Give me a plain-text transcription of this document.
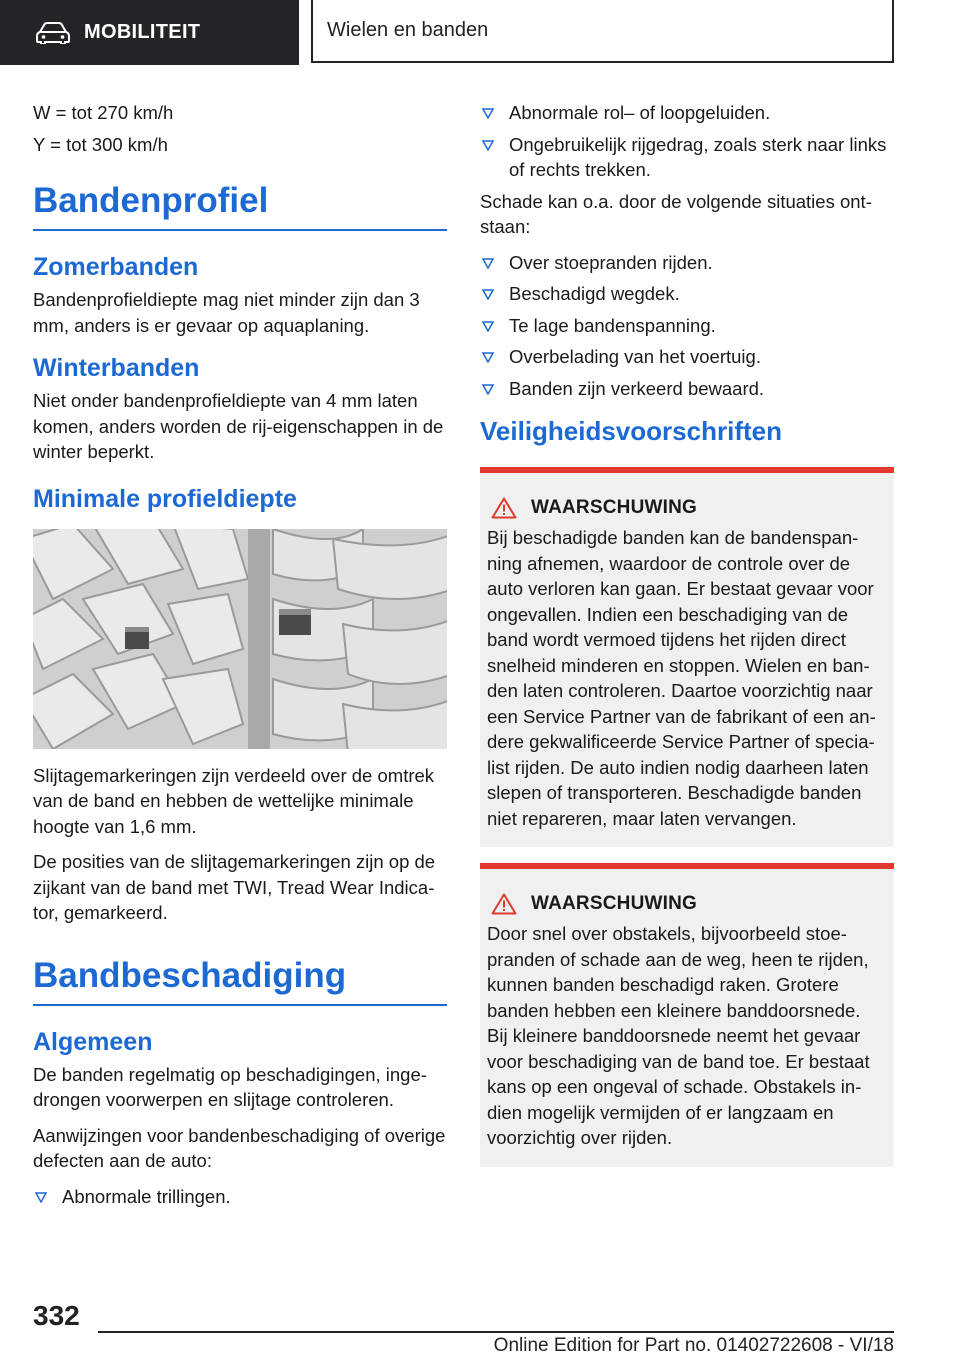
MOBILITEIT	Wielen en banden

W = tot 270 km/h

Y = tot 300 km/h

Bandenprofiel
Zomerbanden

Bandenprofieldiepte mag niet minder zijn dan 3 mm, anders is er gevaar op aquaplaning.

Winterbanden

Niet onder bandenprofieldiepte van 4 mm laten komen, anders worden de rij-eigenschappen in de winter beperkt.

Minimale profieldiepte

Slijtagemarkeringen zijn verdeeld over de omtrek van de band en hebben de wettelijke minimale hoogte van 1,6 mm.

De posities van de slijtagemarkeringen zijn op de zijkant van de band met TWI, Tread Wear Indicator, gemarkeerd.

Bandbeschadiging
Algemeen

De banden regelmatig op beschadigingen, ingedrongen voorwerpen en slijtage controleren.

Aanwijzingen voor bandenbeschadiging of overige defecten aan de auto:

Abnormale trillingen.
Abnormale rol– of loopgeluiden.
Ongebruikelijk rijgedrag, zoals sterk naar links of rechts trekken.

Schade kan o.a. door de volgende situaties ontstaan:

Over stoepranden rijden.
Beschadigd wegdek.
Te lage bandenspanning.
Overbelading van het voertuig.
Banden zijn verkeerd bewaard.
Veiligheidsvoorschriften
WAARSCHUWING

Bij beschadigde banden kan de bandenspanning afnemen, waardoor de controle over de auto verloren kan gaan. Er bestaat gevaar voor ongevallen. Indien een beschadiging van de band wordt vermoed tijdens het rijden direct snelheid minderen en stoppen. Wielen en banden laten controleren. Daartoe voorzichtig naar een Service Partner van de fabrikant of een andere gekwalificeerde Service Partner of specialist rijden. De auto indien nodig daarheen laten slepen of transporteren. Beschadigde banden niet repareren, maar laten vervangen.

WAARSCHUWING

Door snel over obstakels, bijvoorbeeld stoepranden of schade aan de weg, heen te rijden, kunnen banden beschadigd raken. Grotere banden hebben een kleinere banddoorsnede. Bij kleinere banddoorsnede neemt het gevaar voor beschadiging van de band toe. Er bestaat kans op een ongeval of schade. Obstakels indien mogelijk vermijden of er langzaam en voorzichtig over rijden.

332
Online Edition for Part no. 01402722608 - VI/18
